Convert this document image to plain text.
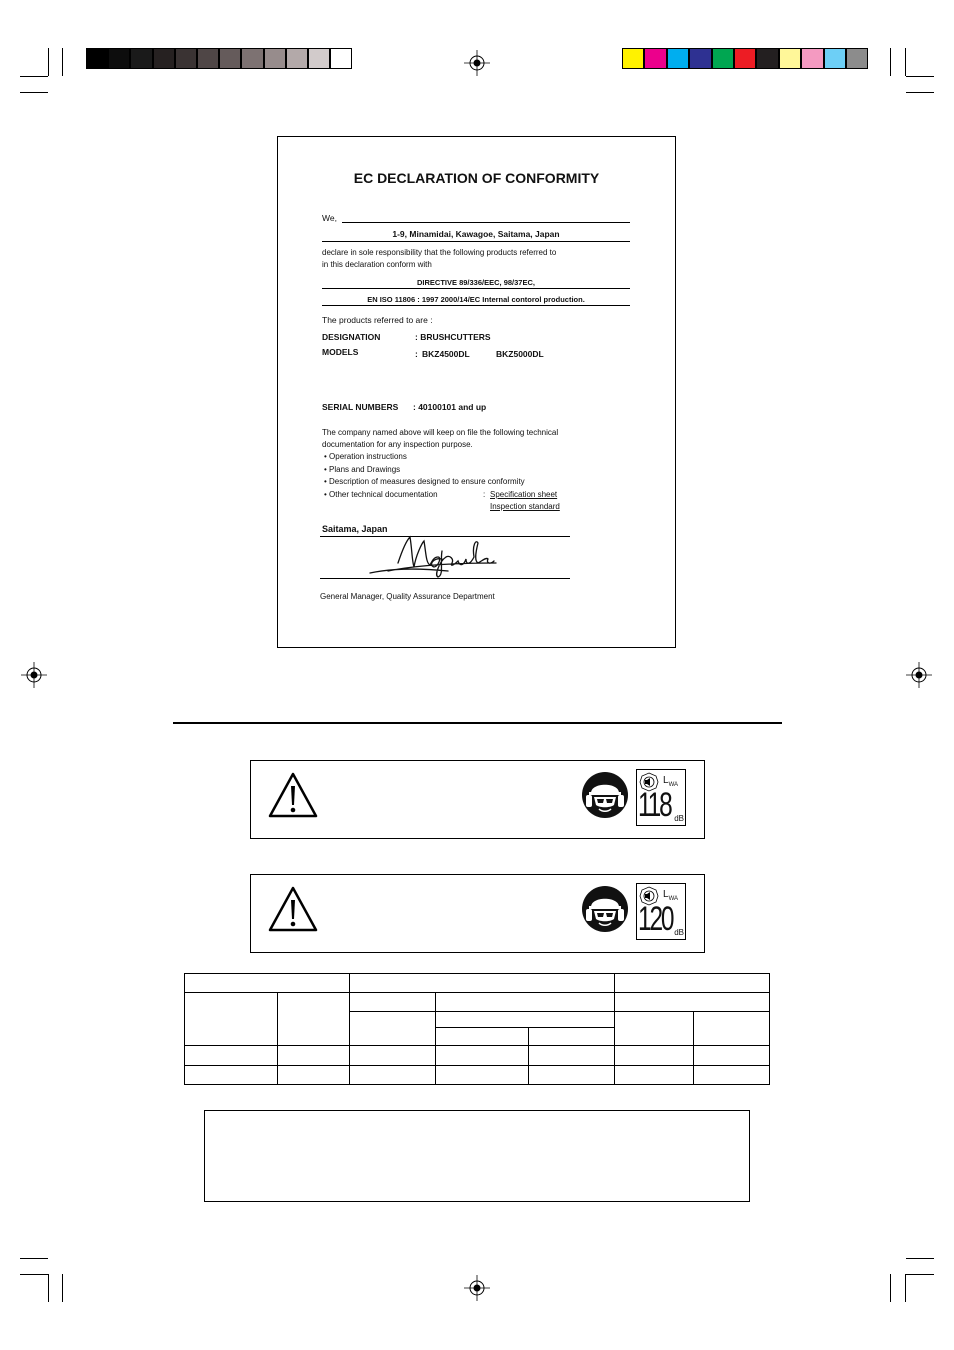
EC DECLARATION OF CONFORMITY
We,
1-9, Minamidai, Kawagoe, Saitama, Japan
declare in sole responsibility that the following products referred to
in this declaration conform with
DIRECTIVE 89/336/EEC, 98/37EC,
EN ISO 11806 : 1997 2000/14/EC Internal contorol production.
The products referred to are :
DESIGNATION	: BRUSHCUTTERS
MODELS	: BKZ4500DL	BKZ5000DL
SERIAL NUMBERS : 40100101 and up
The company named above will keep on file the following technical
documentation for any inspection purpose.
• Operation instructions
• Plans and Drawings
• Description of measures designed to ensure conformity
• Other technical documentation	: Specification sheet
Inspection standard
Saitama, Japan
General Manager, Quality Assurance Department
$L_{WA}$
118 dB
$L_{WA}$
120 dB
